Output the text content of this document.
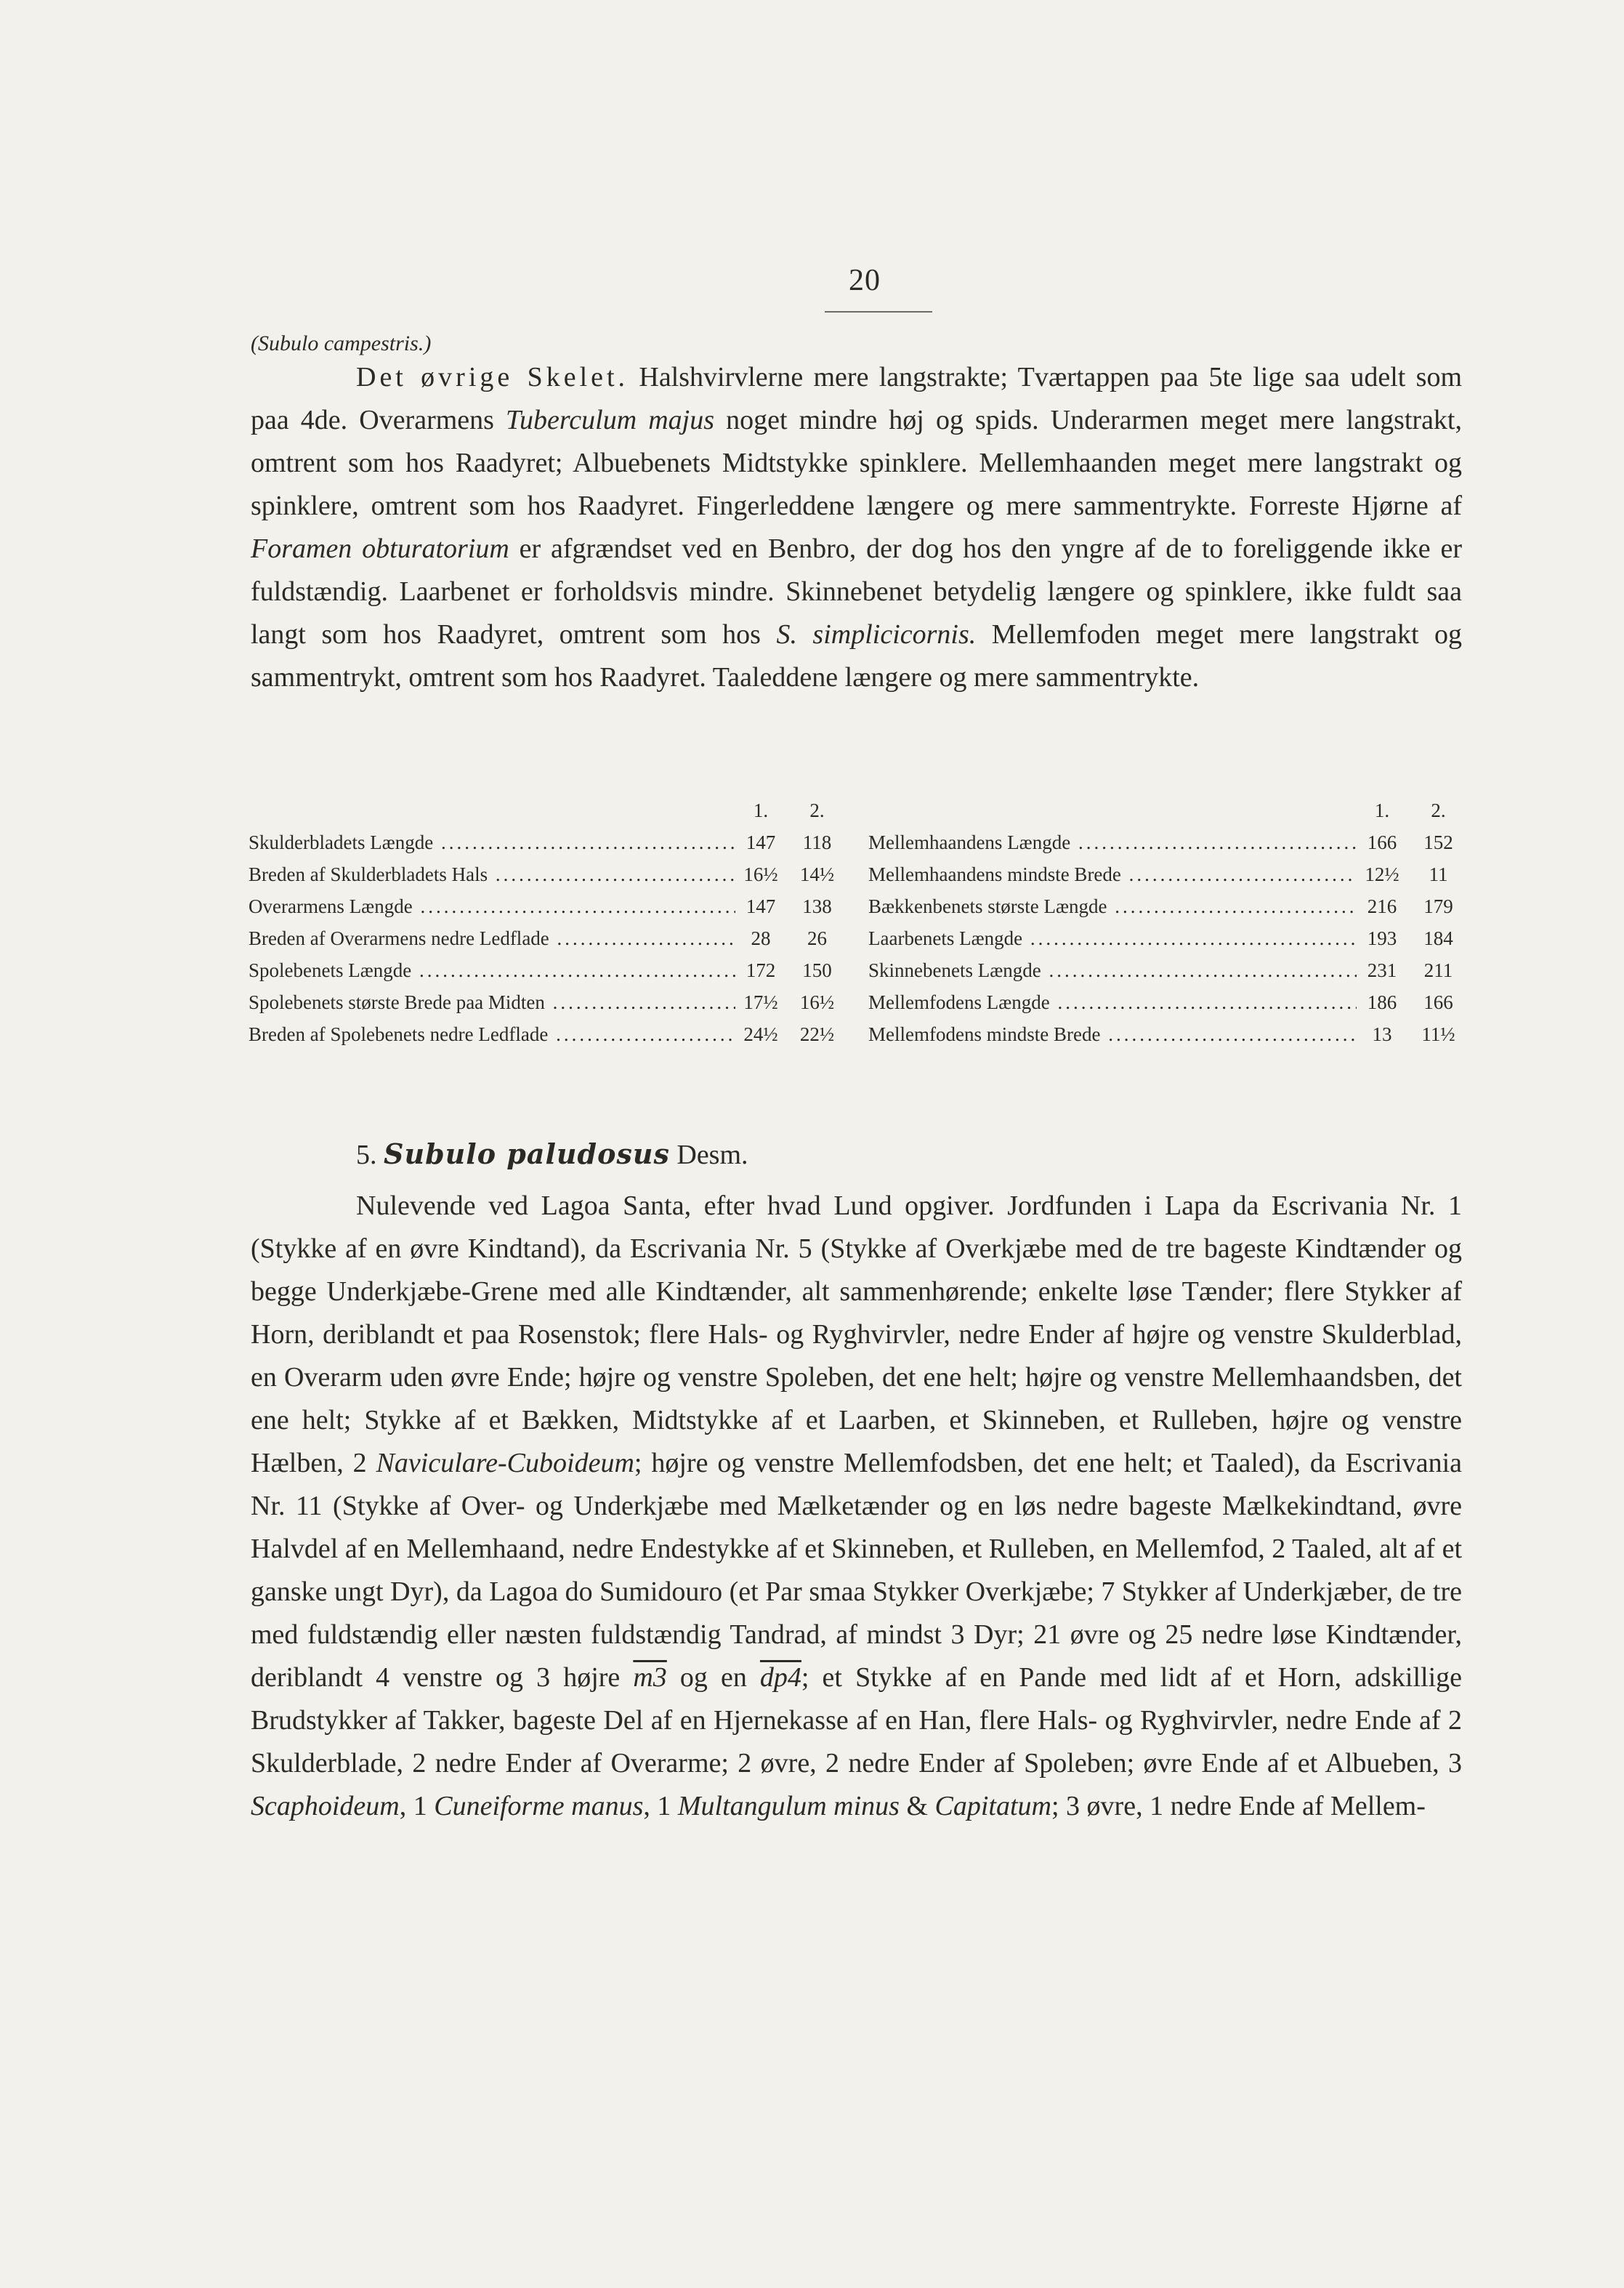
20
(Subulo campestris.)
Det øvrige Skelet. Halshvirvlerne mere langstrakte; Tværtappen paa 5te lige saa udelt som paa 4de. Overarmens Tuberculum majus noget mindre høj og spids. Underarmen meget mere langstrakt, omtrent som hos Raadyret; Albuebenets Midtstykke spinklere. Mellemhaanden meget mere langstrakt og spinklere, omtrent som hos Raadyret. Fingerleddene længere og mere sammentrykte. Forreste Hjørne af Foramen obturatorium er afgrændset ved en Benbro, der dog hos den yngre af de to foreliggende ikke er fuldstændig. Laarbenet er forholdsvis mindre. Skinnebenet betydelig længere og spinklere, ikke fuldt saa langt som hos Raadyret, omtrent som hos S. simplicicornis. Mellemfoden meget mere langstrakt og sammentrykt, omtrent som hos Raadyret. Taaleddene længere og mere sammentrykte.
1.	2.
Skulderbladets Længde .....	147	118
Breden af Skulderbladets Hals .....	16½	14½
Overarmens Længde .....	147	138
Breden af Overarmens nedre Ledflade .....	28	26
Spolebenets Længde .....	172	150
Spolebenets største Brede paa Midten .....	17½	16½
Breden af Spolebenets nedre Ledflade .....	24½	22½
1.	2.
Mellemhaandens Længde .....	166	152
Mellemhaandens mindste Brede .....	12½	11
Bækkenbenets største Længde .....	216	179
Laarbenets Længde .....	193	184
Skinnebenets Længde .....	231	211
Mellemfodens Længde .....	186	166
Mellemfodens mindste Brede .....	13	11½
5. Subulo paludosus Desm.
Nulevende ved Lagoa Santa, efter hvad Lund opgiver. Jordfunden i Lapa da Escrivania Nr. 1 (Stykke af en øvre Kindtand), da Escrivania Nr. 5 (Stykke af Overkjæbe med de tre bageste Kindtænder og begge Underkjæbe-Grene med alle Kindtænder, alt sammenhørende; enkelte løse Tænder; flere Stykker af Horn, deriblandt et paa Rosenstok; flere Hals- og Ryghvirvler, nedre Ender af højre og venstre Skulderblad, en Overarm uden øvre Ende; højre og venstre Spoleben, det ene helt; højre og venstre Mellemhaandsben, det ene helt; Stykke af et Bækken, Midtstykke af et Laarben, et Skinneben, et Rulleben, højre og venstre Hælben, 2 Naviculare-Cuboideum; højre og venstre Mellemfodsben, det ene helt; et Taaled), da Escrivania Nr. 11 (Stykke af Over- og Underkjæbe med Mælketænder og en løs nedre bageste Mælkekindtand, øvre Halvdel af en Mellemhaand, nedre Endestykke af et Skinneben, et Rulleben, en Mellemfod, 2 Taaled, alt af et ganske ungt Dyr), da Lagoa do Sumidouro (et Par smaa Stykker Overkjæbe; 7 Stykker af Underkjæber, de tre med fuldstændig eller næsten fuldstændig Tandrad, af mindst 3 Dyr; 21 øvre og 25 nedre løse Kindtænder, deriblandt 4 venstre og 3 højre m3 og en dp4; et Stykke af en Pande med lidt af et Horn, adskillige Brudstykker af Takker, bageste Del af en Hjernekasse af en Han, flere Hals- og Ryghvirvler, nedre Ende af 2 Skulderblade, 2 nedre Ender af Overarme; 2 øvre, 2 nedre Ender af Spoleben; øvre Ende af et Albueben, 3 Scaphoideum, 1 Cuneiforme manus, 1 Multangulum minus & Capitatum; 3 øvre, 1 nedre Ende af Mellem-
